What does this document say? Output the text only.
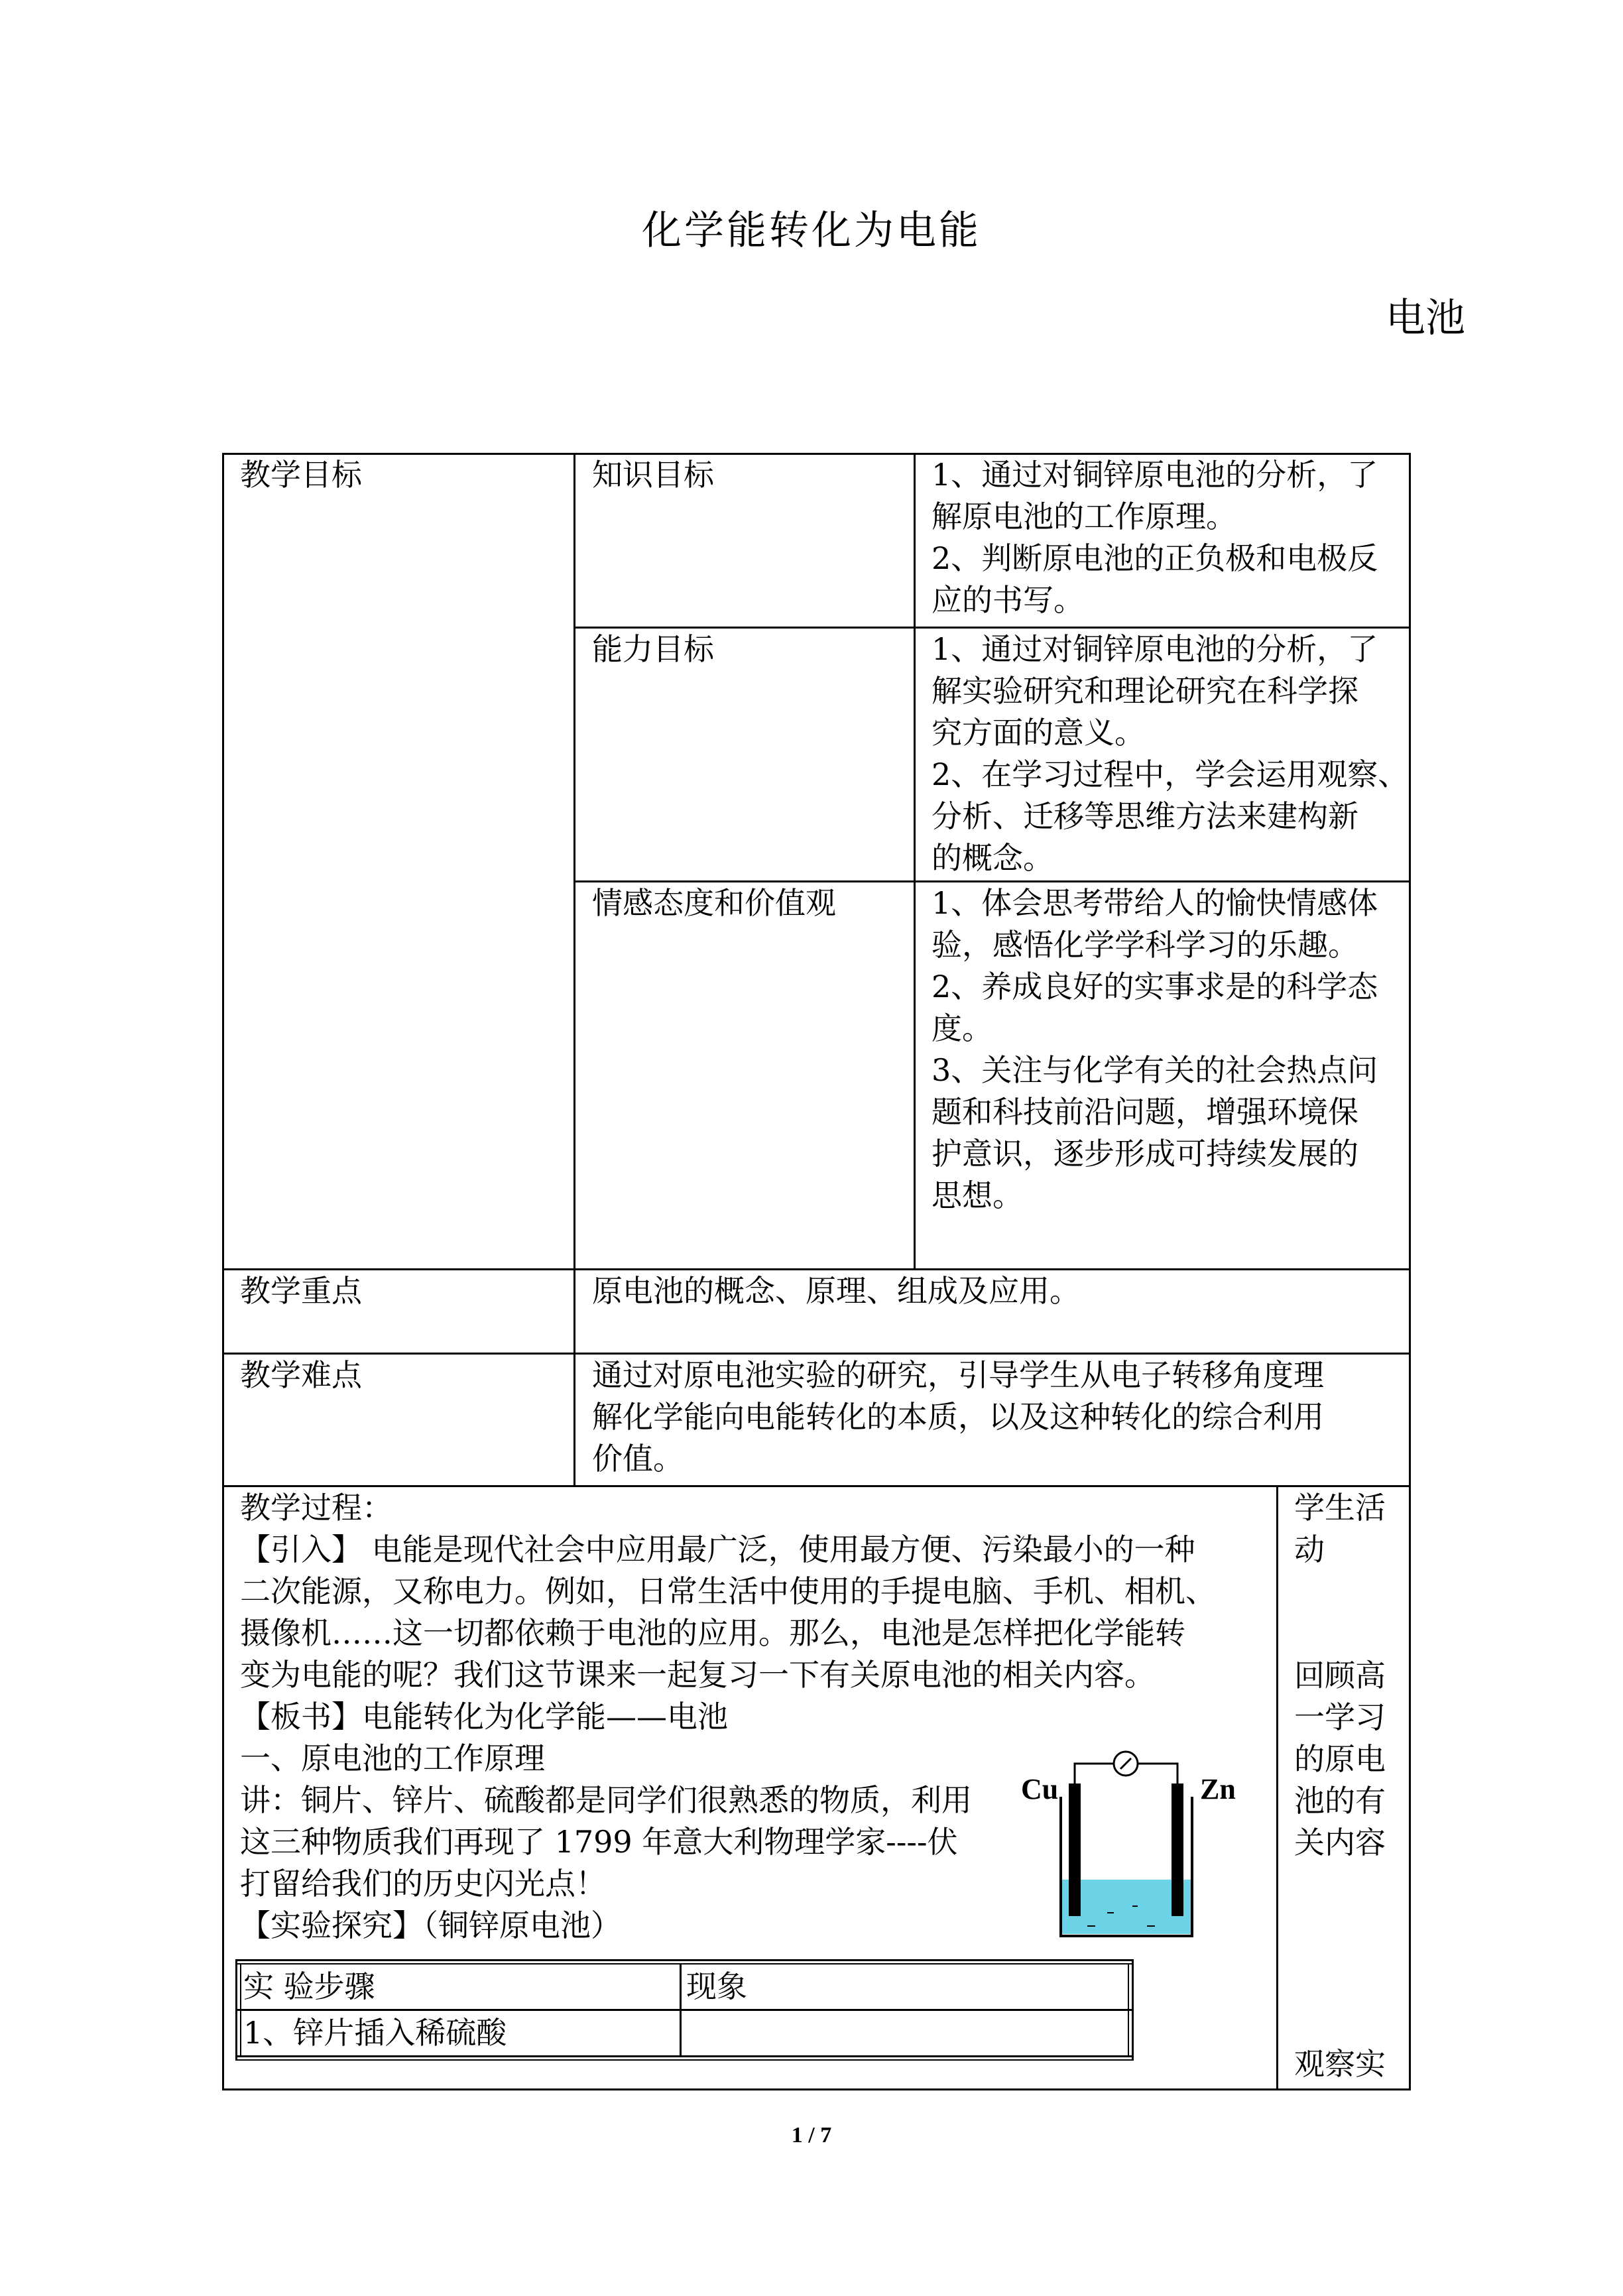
化学能转化为电能
电池
教学目标	知识目标	1、通过对铜锌原电池的分析，了
解原电池的工作原理。
2、判断原电池的正负极和电极反
应的书写。
能力目标	1、通过对铜锌原电池的分析，了
解实验研究和理论研究在科学探
究方面的意义。
2、在学习过程中，学会运用观察、
分析、迁移等思维方法来建构新
的概念。
情感态度和价值观	1、体会思考带给人的愉快情感体
验，感悟化学学科学习的乐趣。
2、养成良好的实事求是的科学态
度。
3、关注与化学有关的社会热点问
题和科技前沿问题，增强环境保
护意识，逐步形成可持续发展的
思想。
教学重点	原电池的概念、原理、组成及应用。
教学难点	通过对原电池实验的研究，引导学生从电子转移角度理
解化学能向电能转化的本质，以及这种转化的综合利用
价值。
教学过程：
【引入】 电能是现代社会中应用最广泛，使用最方便、污染最小的一种
二次能源，又称电力。例如，日常生活中使用的手提电脑、手机、相机、
摄像机……这一切都依赖于电池的应用。那么，电池是怎样把化学能转
变为电能的呢？我们这节课来一起复习一下有关原电池的相关内容。
【板书】电能转化为化学能——电池
一、原电池的工作原理
讲：铜片、锌片、硫酸都是同学们很熟悉的物质，利用
这三种物质我们再现了 1799 年意大利物理学家----伏
打留给我们的历史闪光点！
【实验探究】（铜锌原电池）
Cu	Zn
实 验步骤	现象
1、锌片插入稀硫酸
学生活
动
回顾高
一学习
的原电
池的有
关内容
观察实
1 / 7
